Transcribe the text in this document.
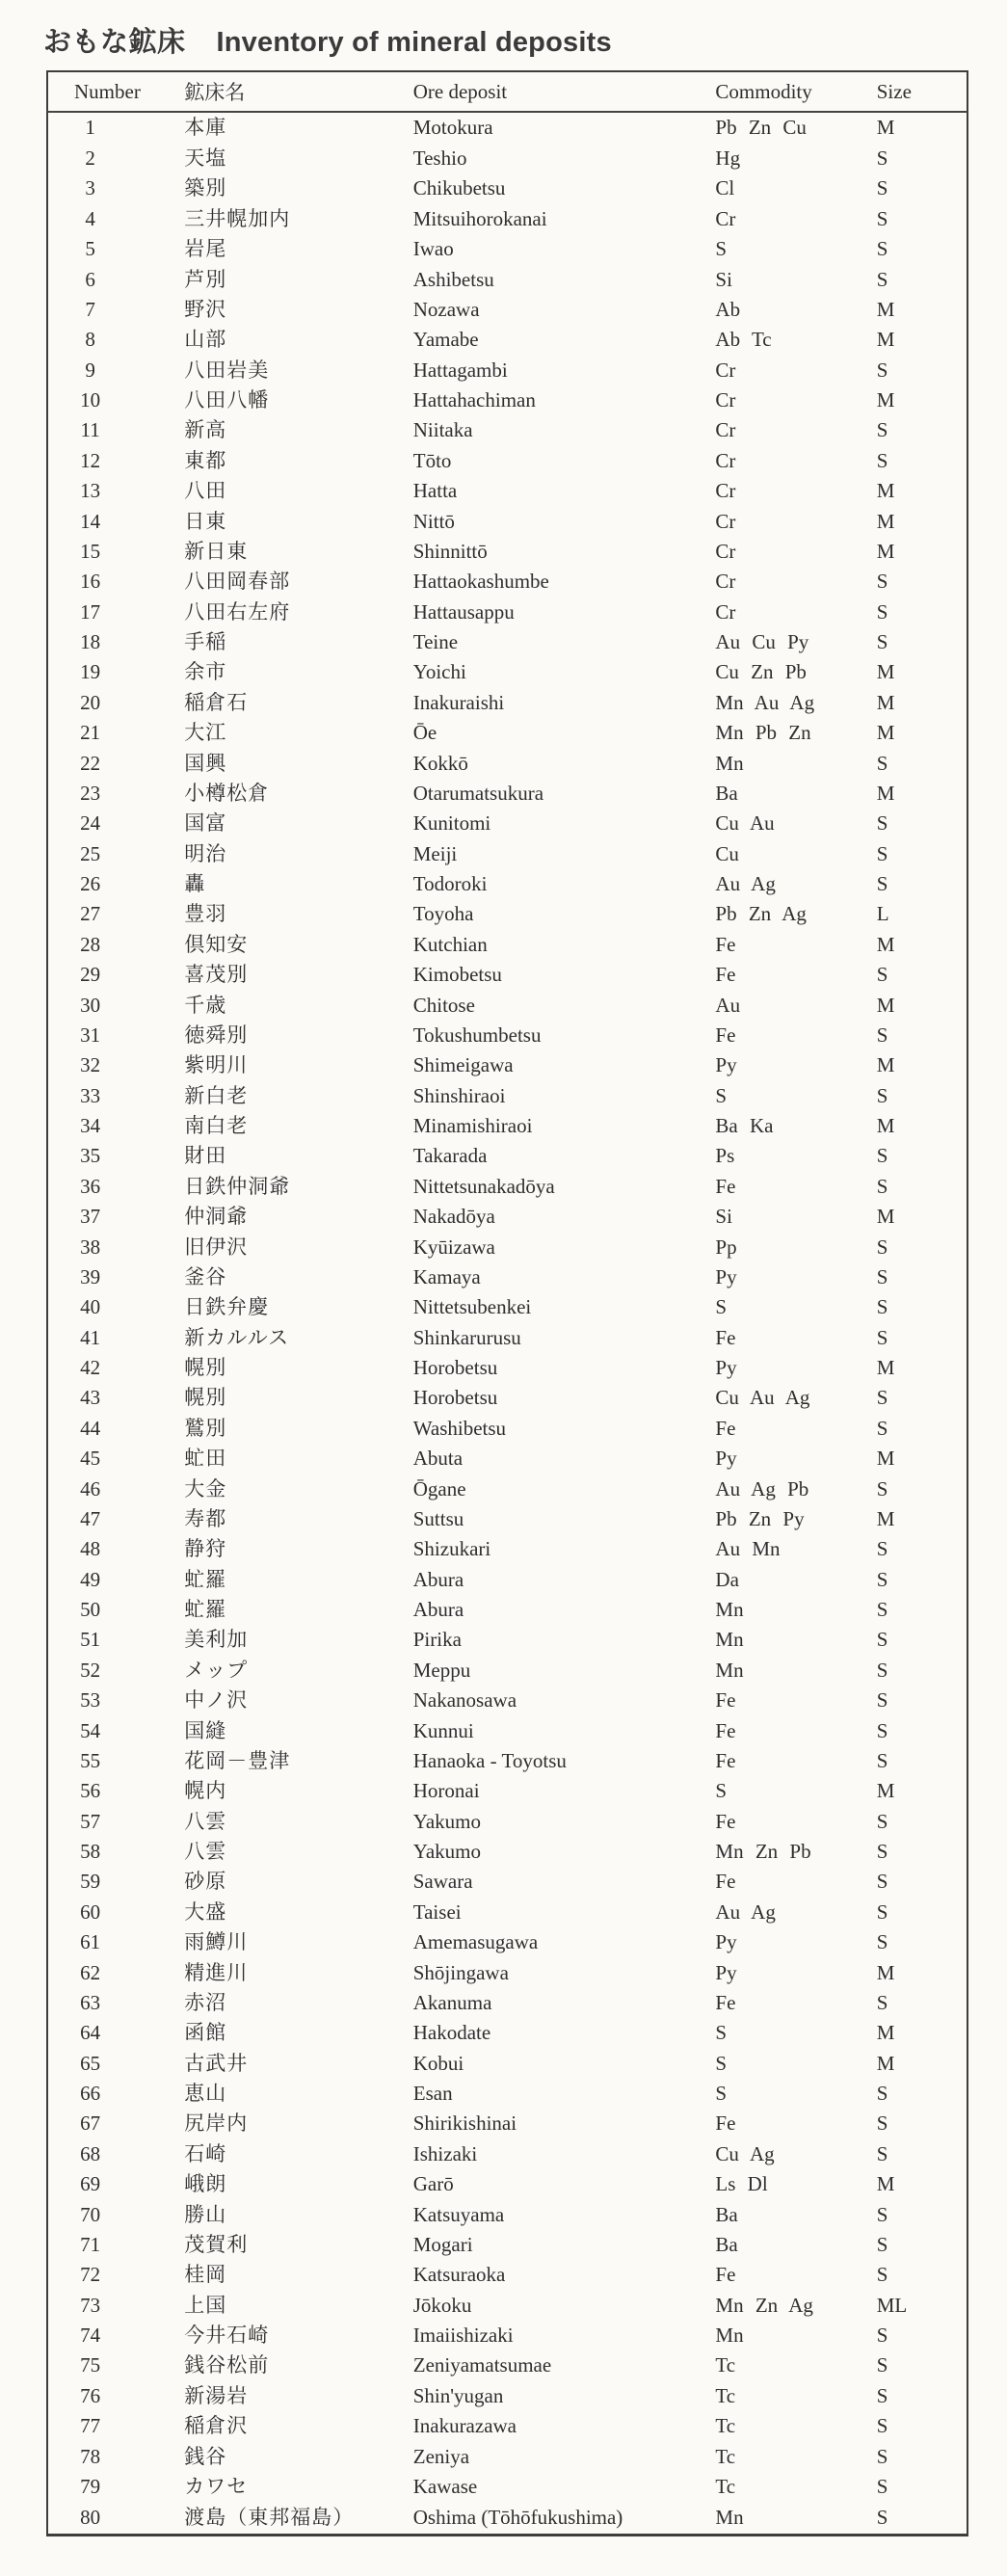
おもな鉱床 Inventory of mineral deposits
Number	鉱床名	Ore deposit	Commodity	Size
1	本庫	Motokura	Pb Zn Cu	M
2	天塩	Teshio	Hg	S
3	築別	Chikubetsu	Cl	S
4	三井幌加内	Mitsuihorokanai	Cr	S
5	岩尾	Iwao	S	S
6	芦別	Ashibetsu	Si	S
7	野沢	Nozawa	Ab	M
8	山部	Yamabe	Ab Tc	M
9	八田岩美	Hattagambi	Cr	S
10	八田八幡	Hattahachiman	Cr	M
11	新高	Niitaka	Cr	S
12	東都	Tōto	Cr	S
13	八田	Hatta	Cr	M
14	日東	Nittō	Cr	M
15	新日東	Shinnittō	Cr	M
16	八田岡春部	Hattaokashumbe	Cr	S
17	八田右左府	Hattausappu	Cr	S
18	手稲	Teine	Au Cu Py	S
19	余市	Yoichi	Cu Zn Pb	M
20	稲倉石	Inakuraishi	Mn Au Ag	M
21	大江	Ōe	Mn Pb Zn	M
22	国興	Kokkō	Mn	S
23	小樽松倉	Otarumatsukura	Ba	M
24	国富	Kunitomi	Cu Au	S
25	明治	Meiji	Cu	S
26	轟	Todoroki	Au Ag	S
27	豊羽	Toyoha	Pb Zn Ag	L
28	倶知安	Kutchian	Fe	M
29	喜茂別	Kimobetsu	Fe	S
30	千歳	Chitose	Au	M
31	徳舜別	Tokushumbetsu	Fe	S
32	紫明川	Shimeigawa	Py	M
33	新白老	Shinshiraoi	S	S
34	南白老	Minamishiraoi	Ba Ka	M
35	財田	Takarada	Ps	S
36	日鉄仲洞爺	Nittetsunakadōya	Fe	S
37	仲洞爺	Nakadōya	Si	M
38	旧伊沢	Kyūizawa	Pp	S
39	釜谷	Kamaya	Py	S
40	日鉄弁慶	Nittetsubenkei	S	S
41	新カルルス	Shinkarurusu	Fe	S
42	幌別	Horobetsu	Py	M
43	幌別	Horobetsu	Cu Au Ag	S
44	鷲別	Washibetsu	Fe	S
45	虻田	Abuta	Py	M
46	大金	Ōgane	Au Ag Pb	S
47	寿都	Suttsu	Pb Zn Py	M
48	静狩	Shizukari	Au Mn	S
49	虻羅	Abura	Da	S
50	虻羅	Abura	Mn	S
51	美利加	Pirika	Mn	S
52	メップ	Meppu	Mn	S
53	中ノ沢	Nakanosawa	Fe	S
54	国縫	Kunnui	Fe	S
55	花岡－豊津	Hanaoka - Toyotsu	Fe	S
56	幌内	Horonai	S	M
57	八雲	Yakumo	Fe	S
58	八雲	Yakumo	Mn Zn Pb	S
59	砂原	Sawara	Fe	S
60	大盛	Taisei	Au Ag	S
61	雨鱒川	Amemasugawa	Py	S
62	精進川	Shōjingawa	Py	M
63	赤沼	Akanuma	Fe	S
64	函館	Hakodate	S	M
65	古武井	Kobui	S	M
66	恵山	Esan	S	S
67	尻岸内	Shirikishinai	Fe	S
68	石崎	Ishizaki	Cu Ag	S
69	峨朗	Garō	Ls Dl	M
70	勝山	Katsuyama	Ba	S
71	茂賀利	Mogari	Ba	S
72	桂岡	Katsuraoka	Fe	S
73	上国	Jōkoku	Mn Zn Ag	ML
74	今井石崎	Imaiishizaki	Mn	S
75	銭谷松前	Zeniyamatsumae	Tc	S
76	新湯岩	Shin'yugan	Tc	S
77	稲倉沢	Inakurazawa	Tc	S
78	銭谷	Zeniya	Tc	S
79	カワセ	Kawase	Tc	S
80	渡島（東邦福島）	Oshima (Tōhōfukushima)	Mn	S
